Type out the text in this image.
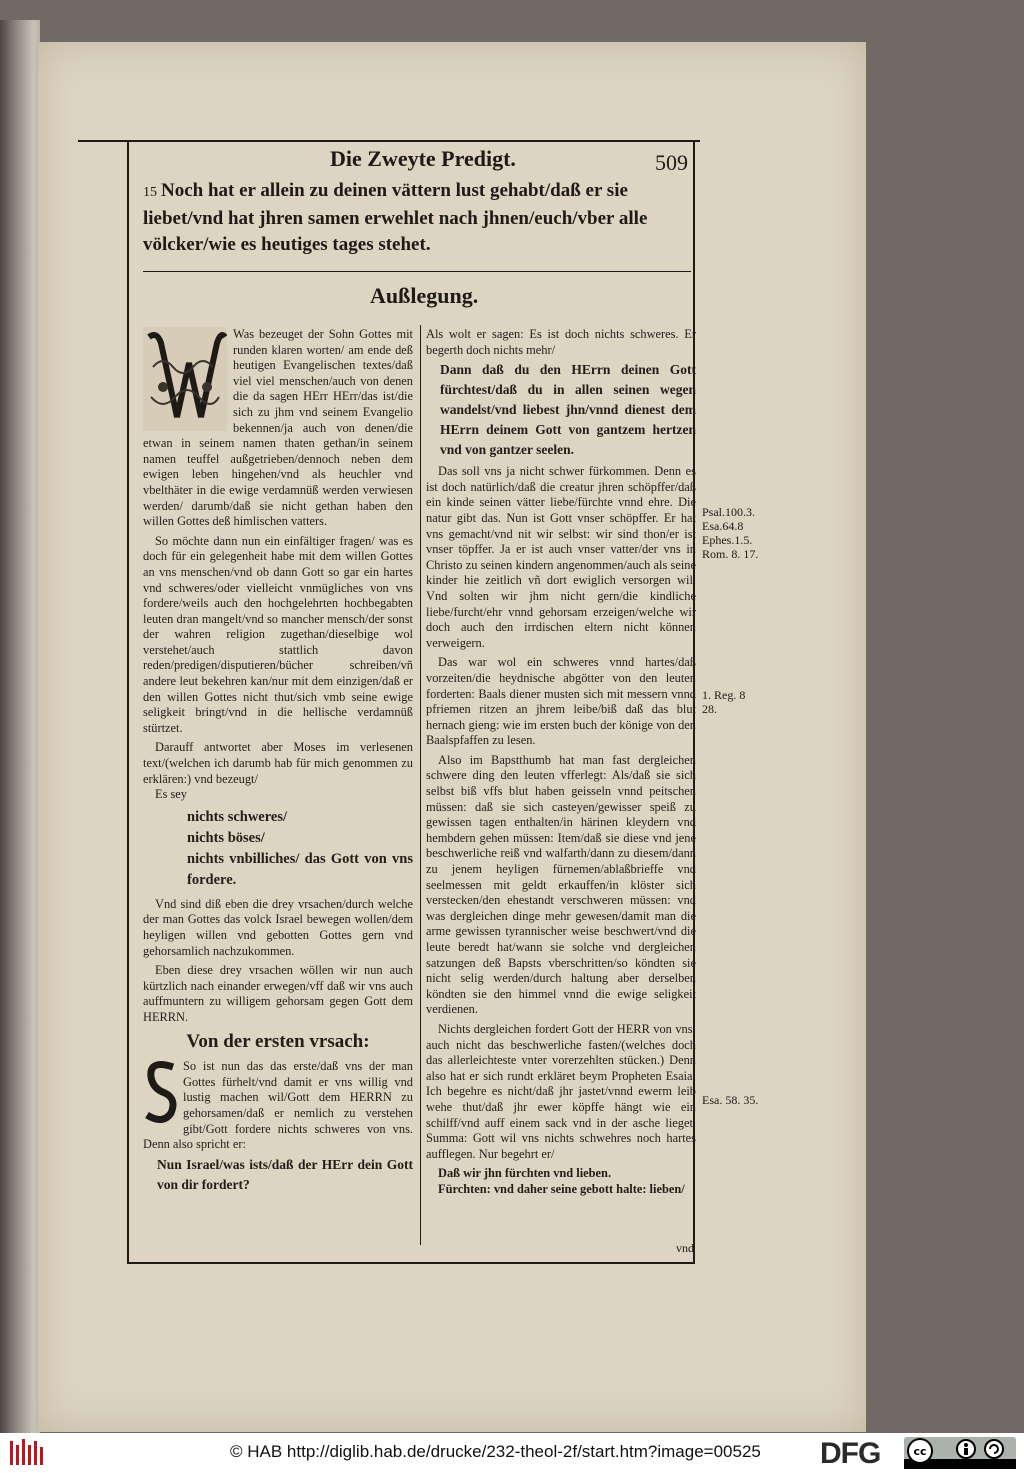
Die Zweyte Predigt.	509
15 Noch hat er allein zu deinen vättern lust gehabt/daß er sie liebet/vnd hat jhren samen erwehlet nach jhnen/euch/vber alle völcker/wie es heutiges tages stehet.
Außlegung.

Was bezeuget der Sohn Gottes mit runden klaren worten/ am ende deß heutigen Evangelischen textes/daß viel viel menschen/auch von denen die da sagen HErr HErr/das ist/die sich zu jhm vnd seinem Evangelio bekennen/ja auch von denen/die etwan in seinem namen thaten gethan/in seinem namen teuffel außgetrieben/dennoch neben dem ewigen leben hingehen/vnd als heuchler vnd vbelthäter in die ewige verdamnüß werden verwiesen werden/ darumb/daß sie nicht gethan haben den willen Gottes deß himlischen vatters.

So möchte dann nun ein einfältiger fragen/ was es doch für ein gelegenheit habe mit dem willen Gottes an vns menschen/vnd ob dann Gott so gar ein hartes vnd schweres/oder vielleicht vnmügliches von vns fordere/weils auch den hochgelehrten hochbegabten leuten dran mangelt/vnd so mancher mensch/der sonst der wahren religion zugethan/dieselbige wol verstehet/auch stattlich davon reden/predigen/disputieren/bücher schreiben/vñ andere leut bekehren kan/nur mit dem einzigen/daß er den willen Gottes nicht thut/sich vmb seine ewige seligkeit bringt/vnd in die hellische verdamnüß stürtzet.

Darauff antwortet aber Moses im verlesenen text/(welchen ich darumb hab für mich genommen zu erklären:) vnd bezeugt/

Es sey

nichts schweres/
nichts böses/
nichts vnbilliches/ das Gott von vns fordere.

Vnd sind diß eben die drey vrsachen/durch welche der man Gottes das volck Israel bewegen wollen/dem heyligen willen vnd gebotten Gottes gern vnd gehorsamlich nachzukommen.

Eben diese drey vrsachen wöllen wir nun auch kürtzlich nach einander erwegen/vff daß wir vns auch auffmuntern zu willigem gehorsam gegen Gott dem HERRN.

Von der ersten vrsach:

So ist nun das das erste/daß vns der man Gottes fürhelt/vnd damit er vns willig vnd lustig machen wil/Gott dem HERRN zu gehorsamen/daß er nemlich zu verstehen gibt/Gott fordere nichts schweres von vns. Denn also spricht er:

Nun Israel/was ists/daß der HErr dein Gott von dir fordert?

Als wolt er sagen: Es ist doch nichts schweres. Er begerth doch nichts mehr/

Dann daß du den HErrn deinen Gott fürchtest/daß du in allen seinen wegen wandelst/vnd liebest jhn/vnnd dienest dem HErrn deinem Gott von gantzem hertzen vnd von gantzer seelen.

Das soll vns ja nicht schwer fürkommen. Denn es ist doch natürlich/daß die creatur jhren schöpffer/daß ein kinde seinen vätter liebe/fürchte vnnd ehre. Die natur gibt das. Nun ist Gott vnser schöpffer. Er hat vns gemacht/vnd nit wir selbst: wir sind thon/er ist vnser töpffer. Ja er ist auch vnser vatter/der vns in Christo zu seinen kindern angenommen/auch als seine kinder hie zeitlich vñ dort ewiglich versorgen wil. Vnd solten wir jhm nicht gern/die kindliche liebe/furcht/ehr vnnd gehorsam erzeigen/welche wir doch auch den irrdischen eltern nicht können verweigern.

Das war wol ein schweres vnnd hartes/daß vorzeiten/die heydnische abgötter von den leuten forderten: Baals diener musten sich mit messern vnnd pfriemen ritzen an jhrem leibe/biß daß das blut hernach gieng: wie im ersten buch der könige von den Baalspfaffen zu lesen.

Also im Bapstthumb hat man fast dergleichen schwere ding den leuten vfferlegt: Als/daß sie sich selbst biß vffs blut haben geisseln vnnd peitschen müssen: daß sie sich casteyen/gewisser speiß zu gewissen tagen enthalten/in härinen kleydern vnd hembdern gehen müssen: Item/daß sie diese vnd jene beschwerliche reiß vnd walfarth/dann zu diesem/dann zu jenem heyligen fürnemen/ablaßbrieffe vnd seelmessen mit geldt erkauffen/in klöster sich verstecken/den ehestandt verschweren müssen: vnd was dergleichen dinge mehr gewesen/damit man die arme gewissen tyrannischer weise beschwert/vnd die leute beredt hat/wann sie solche vnd dergleichen satzungen deß Bapsts vberschritten/so köndten sie nicht selig werden/durch haltung aber derselben köndten sie den himmel vnnd die ewige seligkeit verdienen.

Nichts dergleichen fordert Gott der HERR von vns: auch nicht das beschwerliche fasten/(welches doch das allerleichteste vnter vorerzehlten stücken.) Denn also hat er sich rundt erkläret beym Propheten Esaia: Ich begehre es nicht/daß jhr jastet/vnnd ewerm leib wehe thut/daß jhr ewer köpffe hängt wie ein schilff/vnd auff einem sack vnd in der asche lieget. Summa: Gott wil vns nichts schwehres noch hartes aufflegen. Nur begehrt er/

Daß wir jhn fürchten vnd lieben.

Fürchten: vnd daher seine gebott halte: lieben/

Psal.100.3. Esa.64.8 Ephes.1.5. Rom. 8. 17.
1. Reg. 8 28.
Esa. 58. 35.
vnd
© HAB http://diglib.hab.de/drucke/232-theol-2f/start.htm?image=00525 DFG	cc
